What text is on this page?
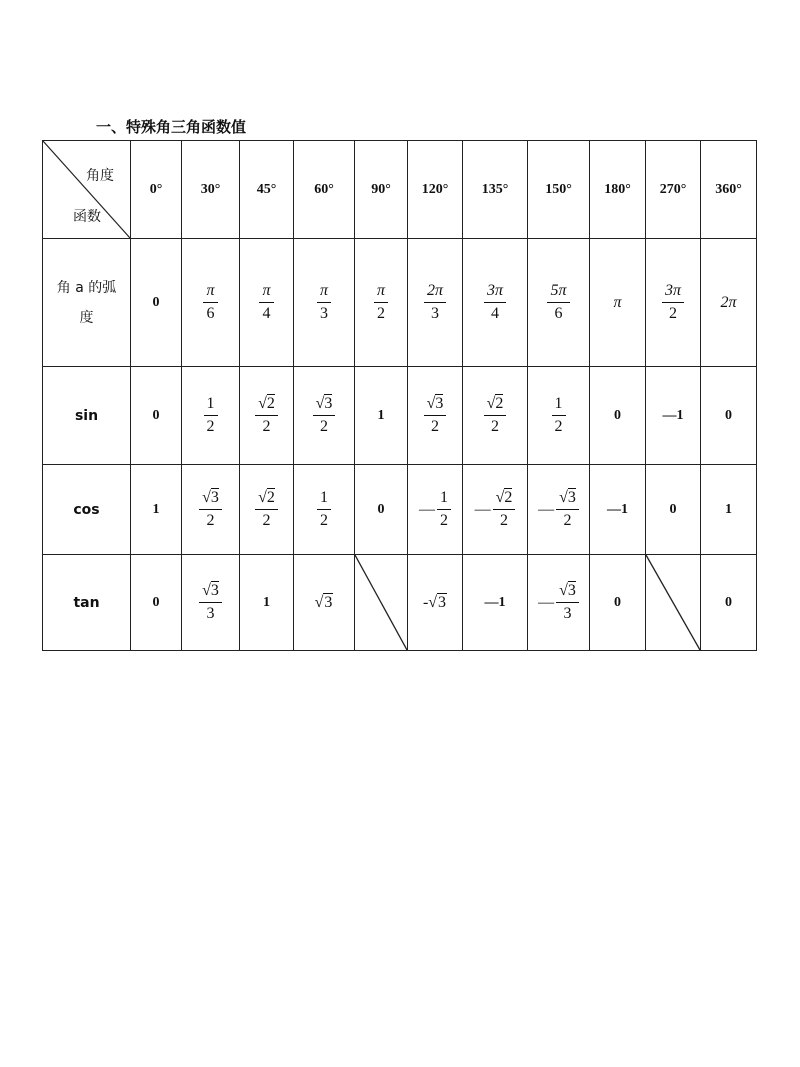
一、特殊角三角函数值
角度
函数	0°	30°	45°	60°	90°	120°	135°	150°	180°	270°	360°
角 a 的弧度	0	$\frac{\pi}{6}$	$\frac{\pi}{4}$	$\frac{\pi}{3}$	$\frac{\pi}{2}$	$\frac{2\pi}{3}$	$\frac{3\pi}{4}$	$\frac{5\pi}{6}$	π	$\frac{3\pi}{2}$	2π
sin	0	$\frac{1}{2}$	$\frac{√2}{2}$	$\frac{√3}{2}$	1	$\frac{√3}{2}$	$\frac{√2}{2}$	$\frac{1}{2}$	0	—1	0
cos	1	$\frac{√3}{2}$	$\frac{√2}{2}$	$\frac{1}{2}$	0	— $\frac{1}{2}$	— $\frac{√2}{2}$	— $\frac{√3}{2}$	—1	0	1
tan	0	$\frac{√3}{3}$	1	√3		-√3	—1	— $\frac{√3}{3}$	0		0
